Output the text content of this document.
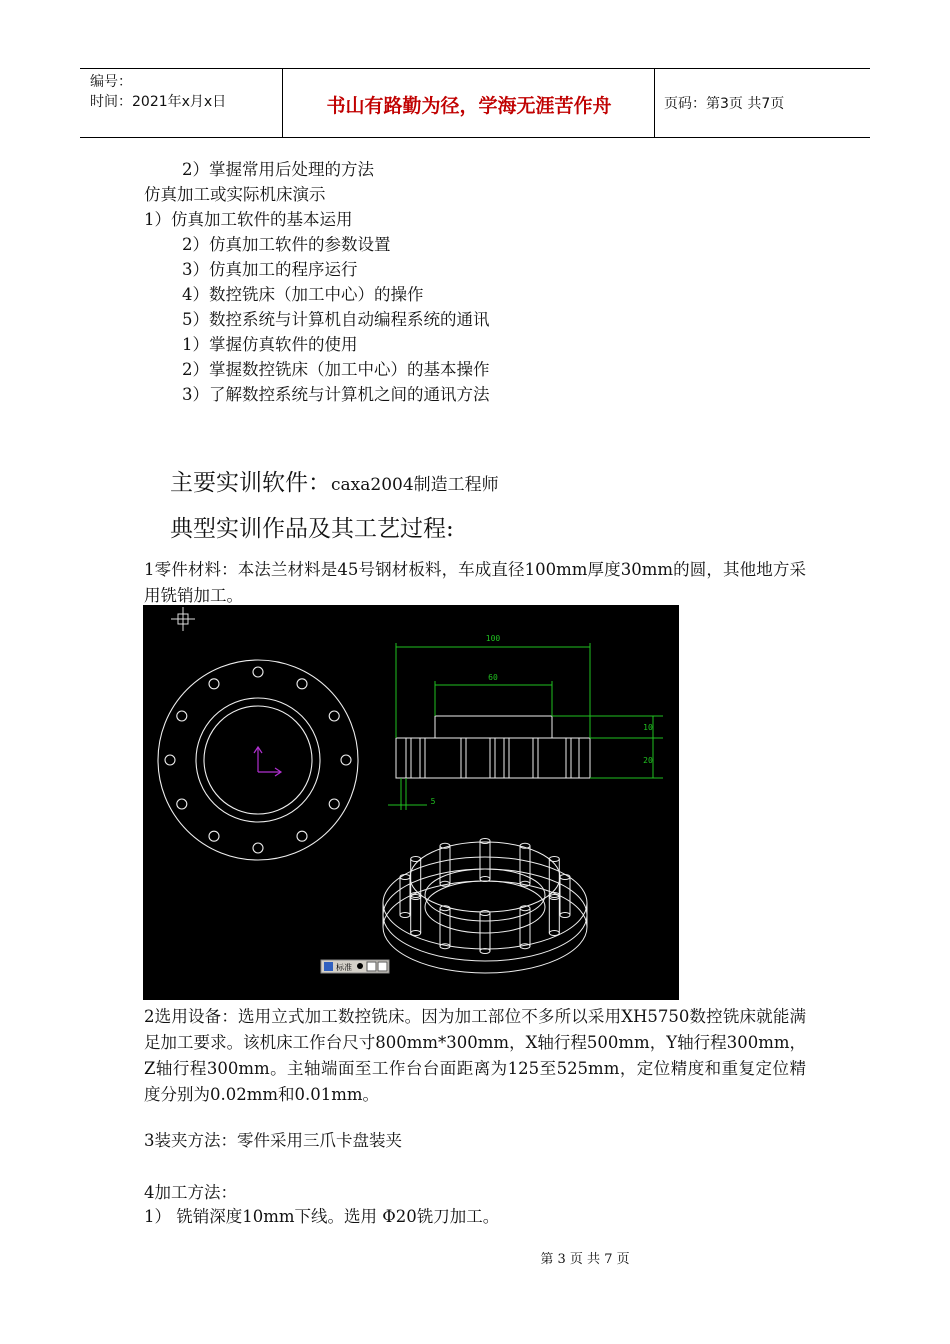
编号：
时间：2021年x月x日	书山有路勤为径，学海无涯苦作舟	页码：第3页 共7页
2）掌握常用后处理的方法
仿真加工或实际机床演示
1）仿真加工软件的基本运用
2）仿真加工软件的参数设置
3）仿真加工的程序运行
4）数控铣床（加工中心）的操作
5）数控系统与计算机自动编程系统的通讯
1）掌握仿真软件的使用
2）掌握数控铣床（加工中心）的基本操作
3）了解数控系统与计算机之间的通讯方法
主要实训软件：caxa2004制造工程师
典型实训作品及其工艺过程:
1零件材料：本法兰材料是45号钢材板料，车成直径100mm厚度30mm的圆，其他地方采用铣销加工。
100
60
10
20
5
标准
2选用设备：选用立式加工数控铣床。因为加工部位不多所以采用XH5750数控铣床就能满足加工要求。该机床工作台尺寸800mm*300mm，X轴行程500mm，Y轴行程300mm，Z轴行程300mm。主轴端面至工作台台面距离为125至525mm，定位精度和重复定位精度分别为0.02mm和0.01mm。
3装夹方法：零件采用三爪卡盘装夹
4加工方法：
1） 铣销深度10mm下线。选用 Φ20铣刀加工。
第 3 页 共 7 页
